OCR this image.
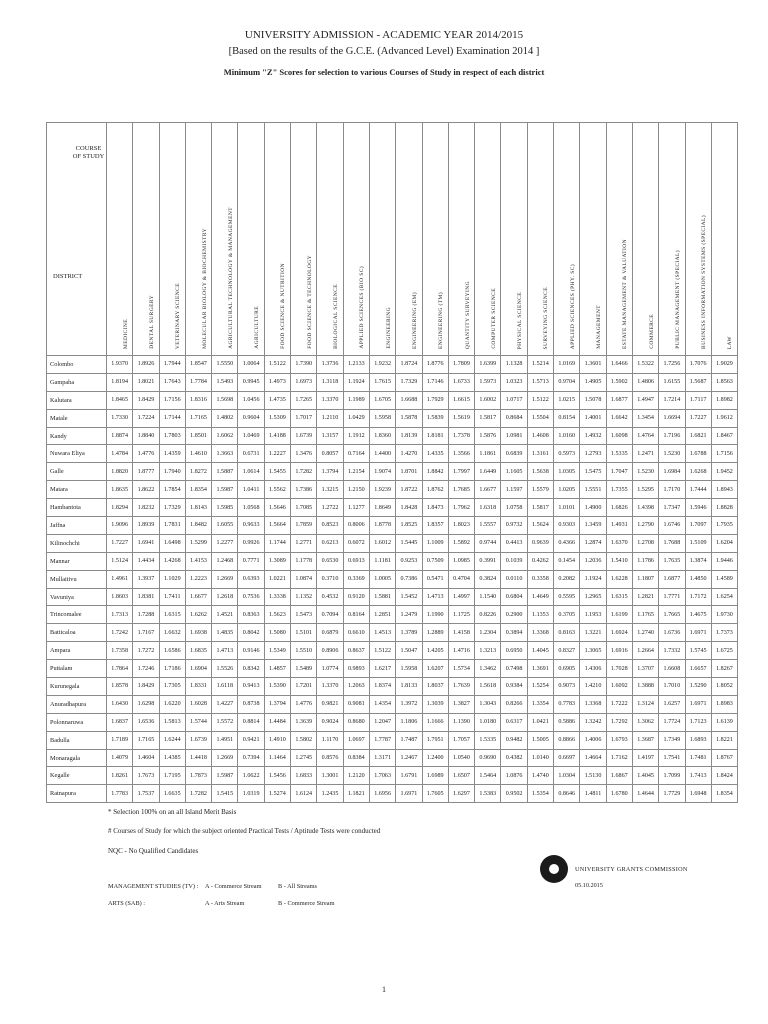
UNIVERSITY ADMISSION - ACADEMIC YEAR 2014/2015
[Based on the results of the G.C.E. (Advanced Level) Examination 2014 ]
Minimum "Z" Scores for selection to various Courses of Study in respect of each district
COURSE OF STUDY
DISTRICT	MEDICINE	DENTAL SURGERY	VETERINARY SCIENCE	MOLECULAR BIOLOGY & BIOCHEMISTRY	AGRICULTURAL TECHNOLOGY & MANAGEMENT	AGRICULTURE	FOOD SCIENCE & NUTRITION	FOOD SCIENCE & TECHNOLOGY	BIOLOGICAL SCIENCE	APPLIED SCIENCES (BIO SC)	ENGINEERING	ENGINEERING (EM)	ENGINEERING (TM)	QUANTITY SURVEYING	COMPUTER SCIENCE	PHYSICAL SCIENCE	SURVEYING SCIENCE	APPLIED SCIENCES (PHY. SC)	MANAGEMENT	ESTATE MANAGEMENT & VALUATION	COMMERCE	PUBLIC MANAGEMENT (SPECIAL)	BUSINESS INFORMATION SYSTEMS (SPECIAL)	LAW

Colombo	1.9370	1.8926	1.7944	1.8547	1.5550	1.0064	1.5122	1.7390	1.3736	1.2133	1.9232	1.8724	1.8776	1.7809	1.6399	1.1328	1.5214	1.0169	1.3601	1.6466	1.5322	1.7256	1.7076	1.9029
Gampaha	1.8194	1.8021	1.7643	1.7784	1.5493	0.9945	1.4973	1.6973	1.3118	1.1924	1.7615	1.7329	1.7146	1.6733	1.5973	1.0323	1.5713	0.9704	1.4905	1.5902	1.4806	1.6155	1.5687	1.8563
Kalutara	1.8465	1.8429	1.7156	1.8316	1.5698	1.0456	1.4735	1.7265	1.3370	1.1989	1.6705	1.6688	1.7929	1.6615	1.6002	1.0717	1.5122	1.0215	1.5078	1.6877	1.4947	1.7214	1.7117	1.8982
Matale	1.7330	1.7224	1.7144	1.7165	1.4802	0.9604	1.5309	1.7017	1.2110	1.0429	1.5958	1.5878	1.5839	1.5619	1.5817	0.8684	1.5504	0.8154	1.4001	1.6642	1.3454	1.6694	1.7227	1.9612
Kandy	1.8874	1.8840	1.7803	1.8501	1.6062	1.0469	1.4188	1.6739	1.3157	1.1912	1.8360	1.8139	1.8181	1.7378	1.5876	1.0981	1.4608	1.0160	1.4932	1.6098	1.4764	1.7196	1.6821	1.8467
Nuwara Eliya	1.4784	1.4776	1.4359	1.4610	1.3663	0.6731	1.2227	1.3476	0.8057	0.7164	1.4400	1.4270	1.4335	1.3566	1.1861	0.6839	1.3161	0.5973	1.2793	1.5335	1.2471	1.5230	1.6788	1.7156
Galle	1.8820	1.8777	1.7940	1.8272	1.5887	1.0614	1.5455	1.7282	1.3794	1.2154	1.9074	1.8701	1.8842	1.7997	1.6449	1.1605	1.5638	1.0305	1.5475	1.7047	1.5230	1.6984	1.6268	1.9452
Matara	1.8635	1.8622	1.7854	1.8354	1.5987	1.0411	1.5562	1.7386	1.3215	1.2150	1.9239	1.8722	1.8762	1.7685	1.6677	1.1597	1.5579	1.0205	1.5551	1.7355	1.5295	1.7170	1.7444	1.8943
Hambantota	1.8294	1.8232	1.7329	1.8143	1.5985	1.0568	1.5646	1.7085	1.2722	1.1277	1.8649	1.8428	1.8473	1.7962	1.6318	1.0758	1.5817	1.0101	1.4900	1.6826	1.4398	1.7347	1.5946	1.8828
Jaffna	1.9096	1.8939	1.7831	1.8482	1.6055	0.9633	1.5664	1.7859	0.8523	0.8006	1.8778	1.8525	1.8357	1.8023	1.5557	0.9732	1.5624	0.9303	1.3459	1.4931	1.2790	1.6746	1.7097	1.7935
Kilinochchi	1.7227	1.6941	1.6498	1.5299	1.2277	0.9926	1.1744	1.2771	0.6213	0.6072	1.6012	1.5445	1.1009	1.5892	0.9744	0.4413	0.9639	0.4366	1.2874	1.6370	1.2708	1.7688	1.5109	1.6204
Mannar	1.5124	1.4434	1.4268	1.4153	1.2468	0.7771	1.3089	1.1778	0.6530	0.6913	1.1181	0.9253	0.7509	1.0985	0.3991	0.1039	0.4262	0.1454	1.2036	1.5410	1.1786	1.7635	1.3874	1.9446
Mullaitivu	1.4961	1.3937	1.1029	1.2223	1.2669	0.6393	1.0221	1.0874	0.3710	0.3369	1.0005	0.7386	0.5471	0.4704	0.3824	0.0110	0.3358	0.2082	1.1924	1.6228	1.1807	1.6877	1.4850	1.4589
Vavuniya	1.8603	1.8381	1.7411	1.6677	1.2618	0.7536	1.3338	1.1352	0.4532	0.9120	1.5881	1.5452	1.4713	1.4997	1.1540	0.6804	1.4649	0.5595	1.2965	1.6315	1.2821	1.7771	1.7172	1.6254
Trincomalee	1.7313	1.7288	1.6315	1.6262	1.4521	0.8363	1.5623	1.5473	0.7094	0.8164	1.2851	1.2479	1.1990	1.1725	0.8226	0.2900	1.1353	0.3705	1.1953	1.6199	1.1765	1.7665	1.4675	1.9730
Batticaloa	1.7242	1.7167	1.6632	1.6938	1.4835	0.8042	1.5080	1.5101	0.6879	0.6610	1.4513	1.3789	1.2889	1.4158	1.2304	0.3894	1.3368	0.8163	1.3221	1.6924	1.2740	1.6736	1.6971	1.7373
Ampara	1.7358	1.7272	1.6586	1.6835	1.4713	0.9146	1.5349	1.5510	0.8906	0.8637	1.5122	1.5047	1.4205	1.4716	1.3213	0.6950	1.4045	0.8327	1.3065	1.6916	1.2664	1.7332	1.5745	1.6725
Puttalam	1.7864	1.7246	1.7186	1.6904	1.5526	0.8342	1.4857	1.5489	1.0774	0.9893	1.6217	1.5958	1.6207	1.5734	1.3462	0.7498	1.3691	0.6905	1.4306	1.7028	1.3707	1.6608	1.6657	1.8267
Kurunegala	1.8578	1.8429	1.7305	1.8331	1.6118	0.9413	1.5390	1.7201	1.3370	1.2063	1.8374	1.8133	1.8037	1.7639	1.5618	0.9384	1.5254	0.9073	1.4210	1.6092	1.3888	1.7010	1.5290	1.8052
Anuradhapura	1.6430	1.6298	1.6220	1.6028	1.4227	0.8738	1.3794	1.4776	0.9821	0.9081	1.4354	1.3972	1.3039	1.3827	1.3043	0.8266	1.3354	0.7783	1.3368	1.7222	1.3124	1.6257	1.6971	1.8983
Polonnaruwa	1.6837	1.6536	1.5813	1.5744	1.5572	0.8814	1.4484	1.3639	0.9024	0.8680	1.2047	1.1806	1.1666	1.1390	1.0180	0.6317	1.0421	0.5886	1.3242	1.7292	1.3062	1.7724	1.7123	1.6139
Badulla	1.7189	1.7165	1.6244	1.6739	1.4951	0.9421	1.4910	1.5802	1.1170	1.0697	1.7787	1.7487	1.7951	1.7057	1.5335	0.9482	1.5005	0.8866	1.4006	1.6793	1.3687	1.7349	1.6893	1.8221
Monaragala	1.4079	1.4604	1.4385	1.4418	1.2669	0.7394	1.1464	1.2745	0.8576	0.8384	1.3171	1.2467	1.2400	1.0540	0.9690	0.4382	1.0140	0.6697	1.4664	1.7162	1.4197	1.7541	1.7481	1.8767
Kegalle	1.8261	1.7673	1.7195	1.7873	1.5987	1.0622	1.5456	1.6833	1.3001	1.2120	1.7063	1.6791	1.6989	1.6507	1.5464	1.0876	1.4740	1.0304	1.5130	1.6867	1.4045	1.7099	1.7413	1.8424
Ratnapura	1.7783	1.7537	1.6635	1.7282	1.5415	1.0319	1.5274	1.6124	1.2435	1.1821	1.6956	1.6971	1.7605	1.6297	1.5383	0.9502	1.5354	0.8646	1.4811	1.6780	1.4644	1.7729	1.6948	1.8354
* Selection 100% on an all Island Merit Basis
# Courses of Study for which the subject oriented Practical Tests / Aptitude Tests were conducted
NQC - No Qualified Candidates
MANAGEMENT STUDIES (TV) : A - Commerce Stream	B - All Streams
ARTS (SAB) :	A - Arts Stream	B - Commerce Stream
UNIVERSITY GRANTS COMMISSION
05.10.2015
1
